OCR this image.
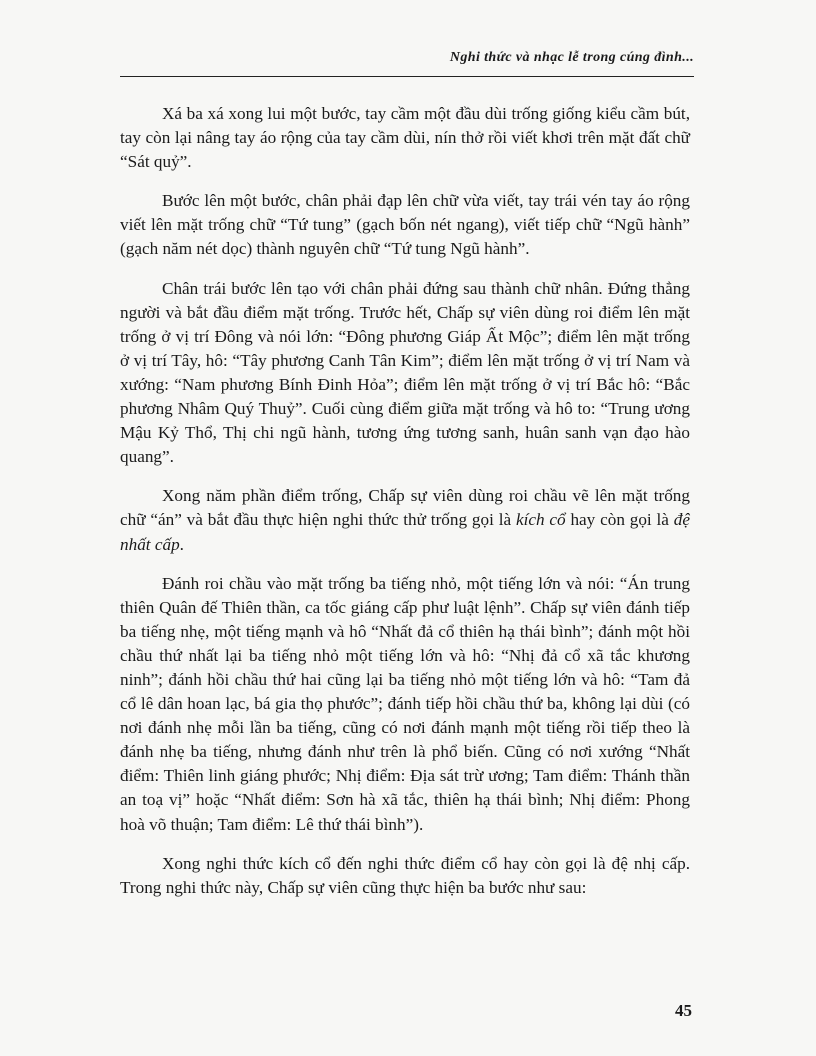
Nghi thức và nhạc lễ trong cúng đình...

Xá ba xá xong lui một bước, tay cầm một đầu dùi trống giống kiểu cầm bút, tay còn lại nâng tay áo rộng của tay cầm dùi, nín thở rồi viết khơi trên mặt đất chữ “Sát quỷ”.

Bước lên một bước, chân phải đạp lên chữ vừa viết, tay trái vén tay áo rộng viết lên mặt trống chữ “Tứ tung” (gạch bốn nét ngang), viết tiếp chữ “Ngũ hành” (gạch năm nét dọc) thành nguyên chữ “Tứ tung Ngũ hành”.

Chân trái bước lên tạo với chân phải đứng sau thành chữ nhân. Đứng thẳng người và bắt đầu điểm mặt trống. Trước hết, Chấp sự viên dùng roi điểm lên mặt trống ở vị trí Đông và nói lớn: “Đông phương Giáp Ất Mộc”; điểm lên mặt trống ở vị trí Tây, hô: “Tây phương Canh Tân Kim”; điểm lên mặt trống ở vị trí Nam và xướng: “Nam phương Bính Đinh Hỏa”; điểm lên mặt trống ở vị trí Bắc hô: “Bắc phương Nhâm Quý Thuỷ”. Cuối cùng điểm giữa mặt trống và hô to: “Trung ương Mậu Kỷ Thổ, Thị chi ngũ hành, tương ứng tương sanh, huân sanh vạn đạo hào quang”.

Xong năm phần điểm trống, Chấp sự viên dùng roi chầu vẽ lên mặt trống chữ “án” và bắt đầu thực hiện nghi thức thử trống gọi là kích cổ hay còn gọi là đệ nhất cấp.

Đánh roi chầu vào mặt trống ba tiếng nhỏ, một tiếng lớn và nói: “Án trung thiên Quân đế Thiên thần, ca tốc giáng cấp phư luật lệnh”. Chấp sự viên đánh tiếp ba tiếng nhẹ, một tiếng mạnh và hô “Nhất đả cổ thiên hạ thái bình”; đánh một hồi chầu thứ nhất lại ba tiếng nhỏ một tiếng lớn và hô: “Nhị đả cổ xã tắc khương ninh”; đánh hồi chầu thứ hai cũng lại ba tiếng nhỏ một tiếng lớn và hô: “Tam đả cổ lê dân hoan lạc, bá gia thọ phước”; đánh tiếp hồi chầu thứ ba, không lại dùi (có nơi đánh nhẹ mỗi lần ba tiếng, cũng có nơi đánh mạnh một tiếng rồi tiếp theo là đánh nhẹ ba tiếng, nhưng đánh như trên là phổ biến. Cũng có nơi xướng “Nhất điểm: Thiên linh giáng phước; Nhị điểm: Địa sát trừ ương; Tam điểm: Thánh thần an toạ vị” hoặc “Nhất điểm: Sơn hà xã tắc, thiên hạ thái bình; Nhị điểm: Phong hoà võ thuận; Tam điểm: Lê thứ thái bình”).

Xong nghi thức kích cổ đến nghi thức điểm cổ hay còn gọi là đệ nhị cấp. Trong nghi thức này, Chấp sự viên cũng thực hiện ba bước như sau:

45
